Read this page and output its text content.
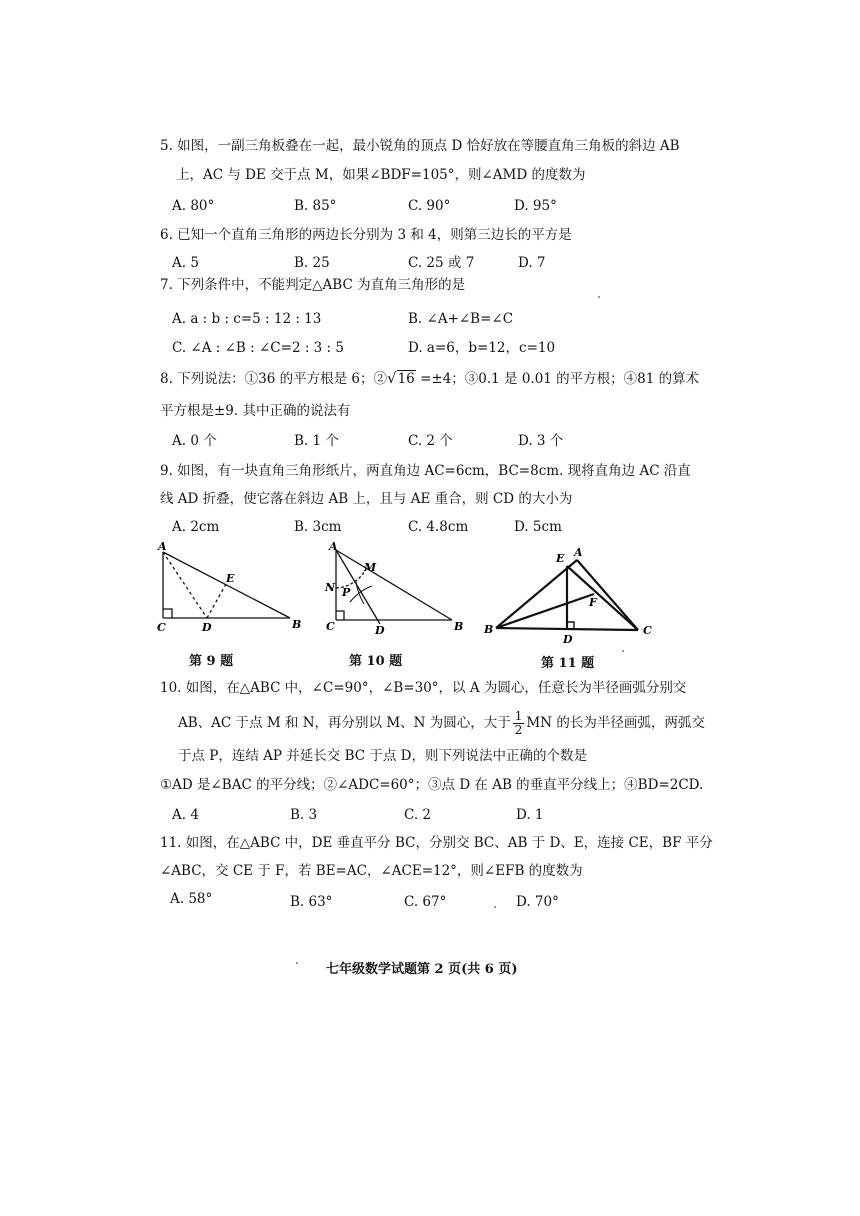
5. 如图，一副三角板叠在一起，最小锐角的顶点 D 恰好放在等腰直角三角板的斜边 AB
上，AC 与 DE 交于点 M，如果∠BDF=105°，则∠AMD 的度数为
A. 80°	B. 85°	C. 90°	D. 95°
6. 已知一个直角三角形的两边长分别为 3 和 4，则第三边长的平方是
A. 5	B. 25	C. 25 或 7	D. 7
7. 下列条件中，不能判定△ABC 为直角三角形的是
A. a : b : c=5 : 12 : 13	B. ∠A+∠B=∠C
C. ∠A : ∠B : ∠C=2 : 3 : 5	D. a=6，b=12，c=10
8. 下列说法：①36 的平方根是 6；②√16 =±4；③0.1 是 0.01 的平方根；④81 的算术
平方根是±9. 其中正确的说法有
A. 0 个	B. 1 个	C. 2 个	D. 3 个
9. 如图，有一块直角三角形纸片，两直角边 AC=6cm，BC=8cm. 现将直角边 AC 沿直
线 AD 折叠，使它落在斜边 AB 上，且与 AE 重合，则 CD 的大小为
A. 2cm	B. 3cm	C. 4.8cm	D. 5cm
A
C	D
E
B
A
M
N P
C	D	B
E A
F
B
D
C
第 9 题	第 10 题	第 11 题
10. 如图，在△ABC 中，∠C=90°，∠B=30°，以 A 为圆心，任意长为半径画弧分别交
AB、AC 于点 M 和 N，再分别以 M、N 为圆心，大于 $\frac{1}{2}$ MN 的长为半径画弧，两弧交
于点 P，连结 AP 并延长交 BC 于点 D，则下列说法中正确的个数是
①AD 是∠BAC 的平分线；②∠ADC=60°；③点 D 在 AB 的垂直平分线上；④BD=2CD.
A. 4	B. 3	C. 2	D. 1
11. 如图，在△ABC 中，DE 垂直平分 BC，分别交 BC、AB 于 D、E，连接 CE，BF 平分
∠ABC，交 CE 于 F，若 BE=AC，∠ACE=12°，则∠EFB 的度数为
A. 58°	B. 63°	C. 67°	D. 70°
七年级数学试题第 2 页(共 6 页)
